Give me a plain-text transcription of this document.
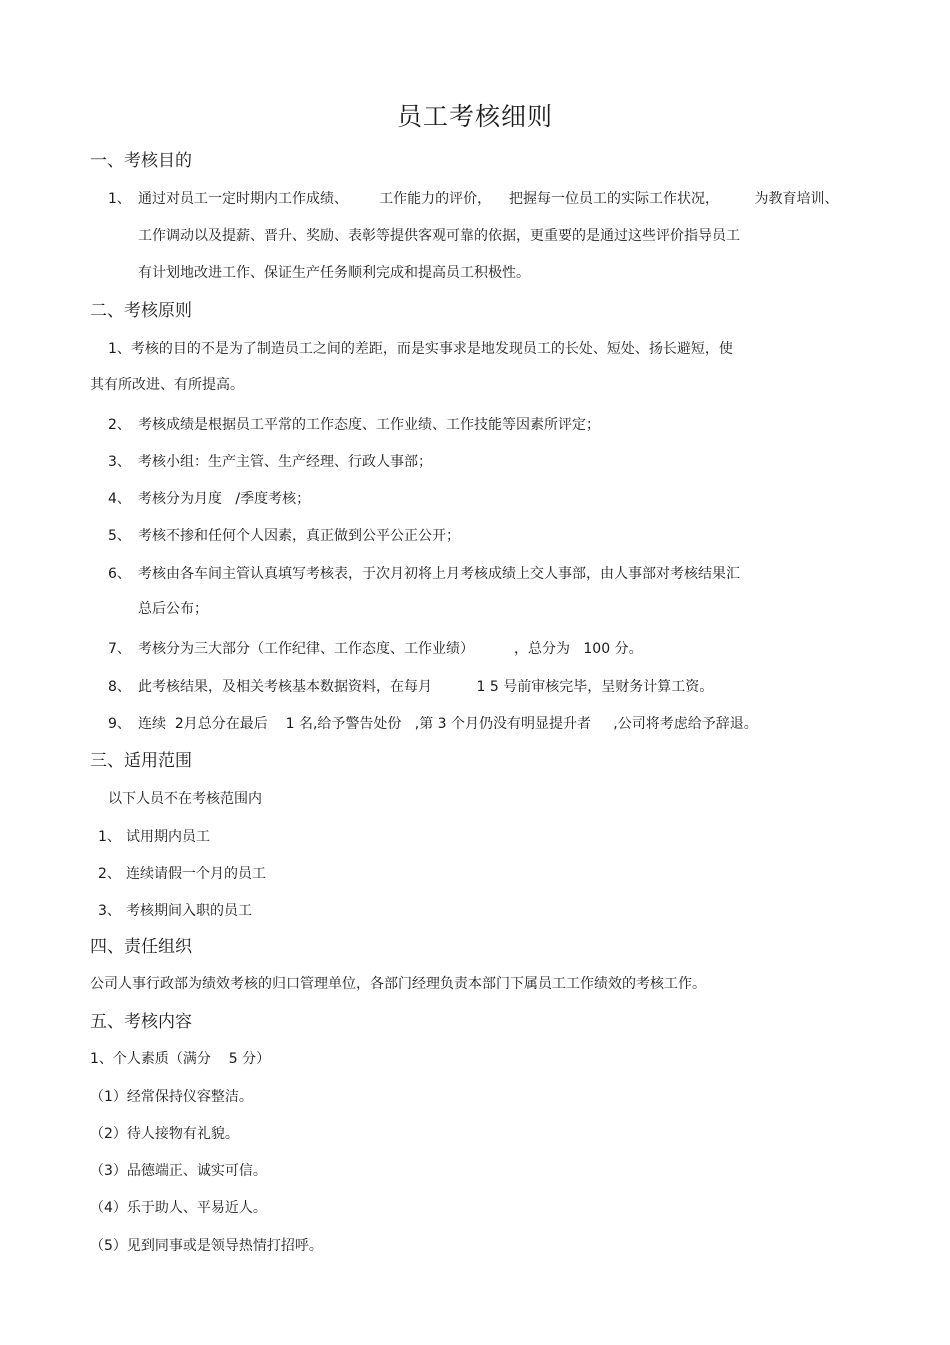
员工考核细则
一、考核目的
1、 通过对员工一定时期内工作成绩、       工作能力的评价，    把握每一位员工的实际工作状况，        为教育培训、
工作调动以及提薪、晋升、奖励、表彰等提供客观可靠的依据，更重要的是通过这些评价指导员工
有计划地改进工作、保证生产任务顺利完成和提高员工积极性。
二、考核原则
1、考核的目的不是为了制造员工之间的差距，而是实事求是地发现员工的长处、短处、扬长避短，使
其有所改进、有所提高。
2、 考核成绩是根据员工平常的工作态度、工作业绩、工作技能等因素所评定；
3、 考核小组：生产主管、生产经理、行政人事部；
4、 考核分为月度   /季度考核；
5、 考核不掺和任何个人因素，真正做到公平公正公开；
6、 考核由各车间主管认真填写考核表，于次月初将上月考核成绩上交人事部，由人事部对考核结果汇
总后公布；
7、 考核分为三大部分（工作纪律、工作态度、工作业绩）         ，总分为   100 分。
8、 此考核结果，及相关考核基本数据资料，在每月          1 5 号前审核完毕，呈财务计算工资。
9、 连续  2月总分在最后    1 名,给予警告处份   ,第 3 个月仍没有明显提升者     ,公司将考虑给予辞退。
三、适用范围
以下人员不在考核范围内
1、 试用期内员工
2、 连续请假一个月的员工
3、 考核期间入职的员工
四、责任组织
公司人事行政部为绩效考核的归口管理单位，各部门经理负责本部门下属员工工作绩效的考核工作。
五、考核内容
1、个人素质（满分    5 分）
（1）经常保持仪容整洁。
（2）待人接物有礼貌。
（3）品德端正、诚实可信。
（4）乐于助人、平易近人。
（5）见到同事或是领导热情打招呼。
